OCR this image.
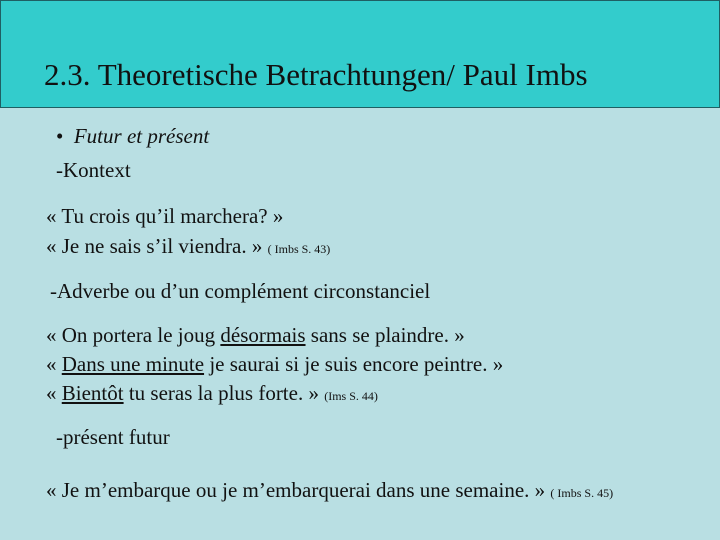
2.3. Theoretische Betrachtungen/ Paul Imbs
• Futur et présent
-Kontext
« Tu crois qu’il marchera? »
« Je ne sais s’il viendra. » ( Imbs S. 43)
-Adverbe ou d’un complément circonstanciel
« On portera le joug désormais sans se plaindre. »
« Dans une minute je saurai si je suis encore peintre. »
« Bientôt tu seras la plus forte. » (Ims S. 44)
-présent futur
« Je m’embarque ou je m’embarquerai dans une semaine. » ( Imbs S. 45)
